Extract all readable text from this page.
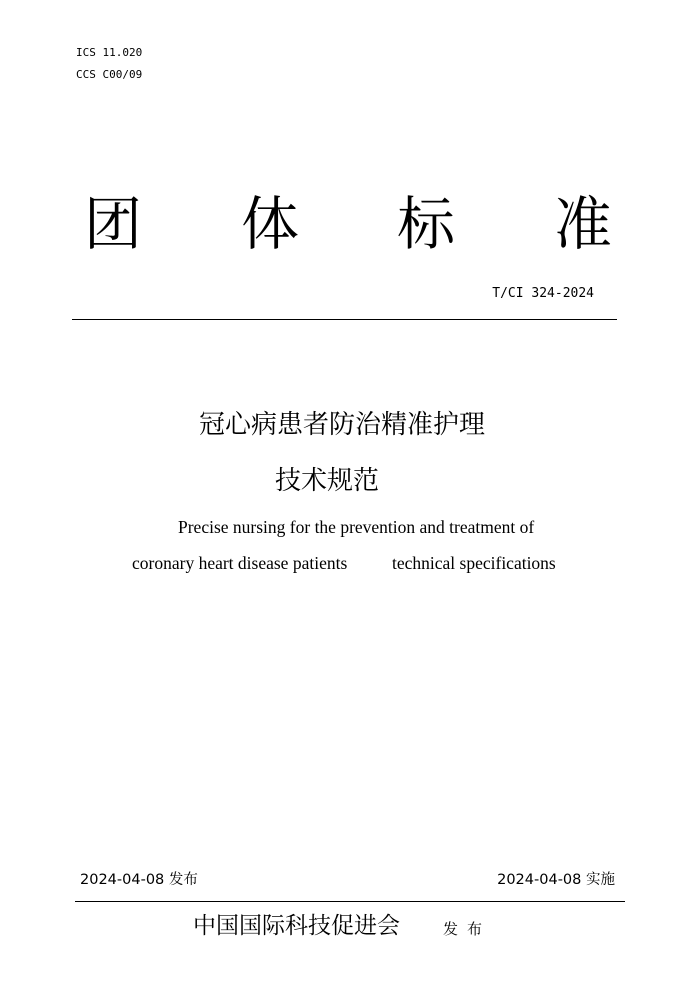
ICS 11.020
CCS C00/09
团 体 标 准
T/CI 324-2024
冠心病患者防治精准护理
技术规范
Precise nursing for the prevention and treatment of
coronary heart disease patients	technical specifications
2024-04-08 发布	2024-04-08 实施
中国国际科技促进会	发布
